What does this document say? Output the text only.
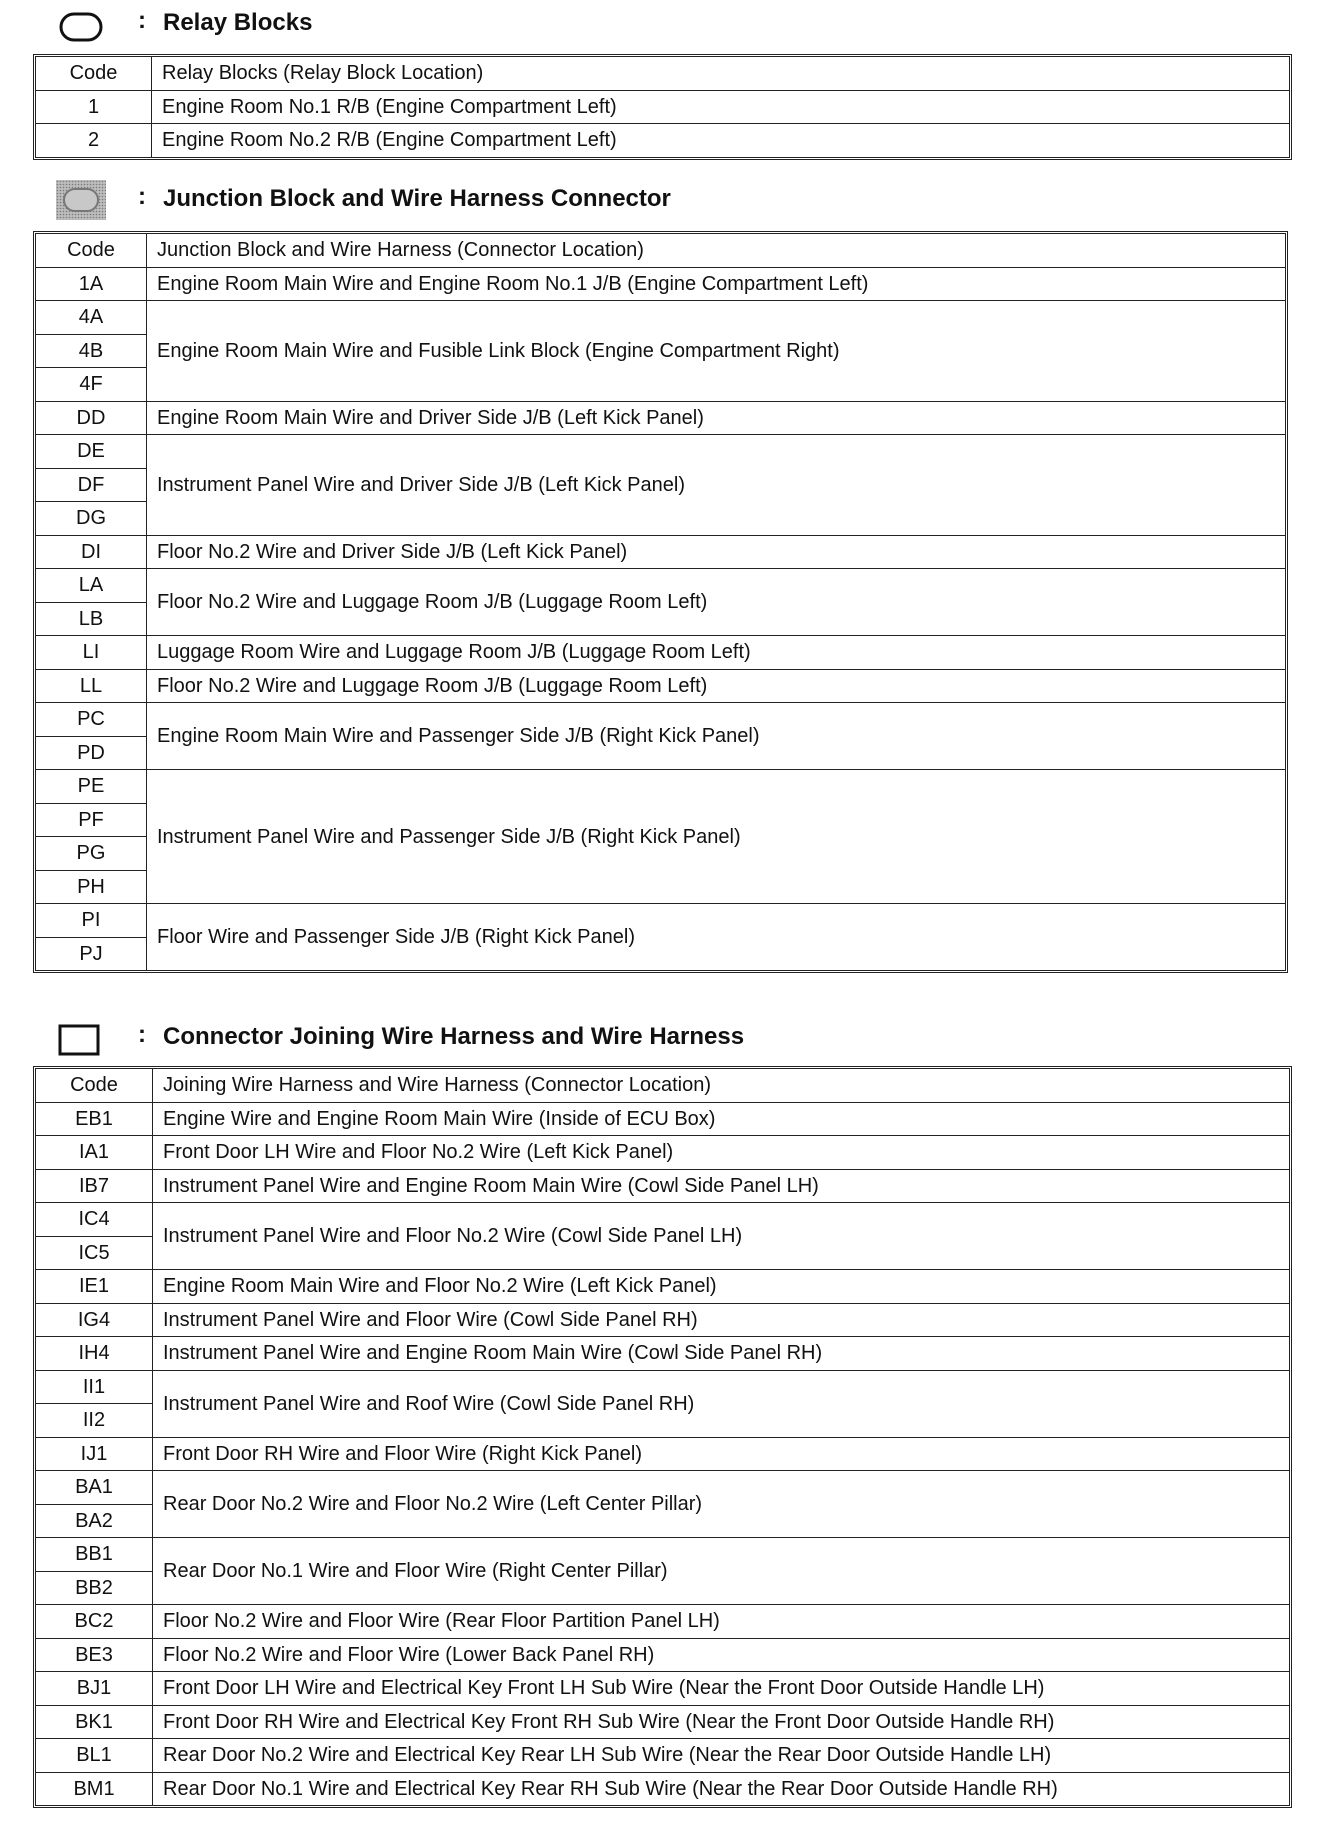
: Relay Blocks
Code	Relay Blocks (Relay Block Location)
1	Engine Room No.1 R/B (Engine Compartment Left)
2	Engine Room No.2 R/B (Engine Compartment Left)
: Junction Block and Wire Harness Connector
Code	Junction Block and Wire Harness (Connector Location)
1A	Engine Room Main Wire and Engine Room No.1 J/B (Engine Compartment Left)
4A	Engine Room Main Wire and Fusible Link Block (Engine Compartment Right)
4B	
4F	
DD	Engine Room Main Wire and Driver Side J/B (Left Kick Panel)
DE	Instrument Panel Wire and Driver Side J/B (Left Kick Panel)
DF	
DG	
DI	Floor No.2 Wire and Driver Side J/B (Left Kick Panel)
LA	Floor No.2 Wire and Luggage Room J/B (Luggage Room Left)
LB	
LI	Luggage Room Wire and Luggage Room J/B (Luggage Room Left)
LL	Floor No.2 Wire and Luggage Room J/B (Luggage Room Left)
PC	Engine Room Main Wire and Passenger Side J/B (Right Kick Panel)
PD	
PE	Instrument Panel Wire and Passenger Side J/B (Right Kick Panel)
PF	
PG	
PH	
PI	Floor Wire and Passenger Side J/B (Right Kick Panel)
PJ	
: Connector Joining Wire Harness and Wire Harness
Code	Joining Wire Harness and Wire Harness (Connector Location)
EB1	Engine Wire and Engine Room Main Wire (Inside of ECU Box)
IA1	Front Door LH Wire and Floor No.2 Wire (Left Kick Panel)
IB7	Instrument Panel Wire and Engine Room Main Wire (Cowl Side Panel LH)
IC4	Instrument Panel Wire and Floor No.2 Wire (Cowl Side Panel LH)
IC5	
IE1	Engine Room Main Wire and Floor No.2 Wire (Left Kick Panel)
IG4	Instrument Panel Wire and Floor Wire (Cowl Side Panel RH)
IH4	Instrument Panel Wire and Engine Room Main Wire (Cowl Side Panel RH)
II1	Instrument Panel Wire and Roof Wire (Cowl Side Panel RH)
II2	
IJ1	Front Door RH Wire and Floor Wire (Right Kick Panel)
BA1	Rear Door No.2 Wire and Floor No.2 Wire (Left Center Pillar)
BA2	
BB1	Rear Door No.1 Wire and Floor Wire (Right Center Pillar)
BB2	
BC2	Floor No.2 Wire and Floor Wire (Rear Floor Partition Panel LH)
BE3	Floor No.2 Wire and Floor Wire (Lower Back Panel RH)
BJ1	Front Door LH Wire and Electrical Key Front LH Sub Wire (Near the Front Door Outside Handle LH)
BK1	Front Door RH Wire and Electrical Key Front RH Sub Wire (Near the Front Door Outside Handle RH)
BL1	Rear Door No.2 Wire and Electrical Key Rear LH Sub Wire (Near the Rear Door Outside Handle LH)
BM1	Rear Door No.1 Wire and Electrical Key Rear RH Sub Wire (Near the Rear Door Outside Handle RH)
